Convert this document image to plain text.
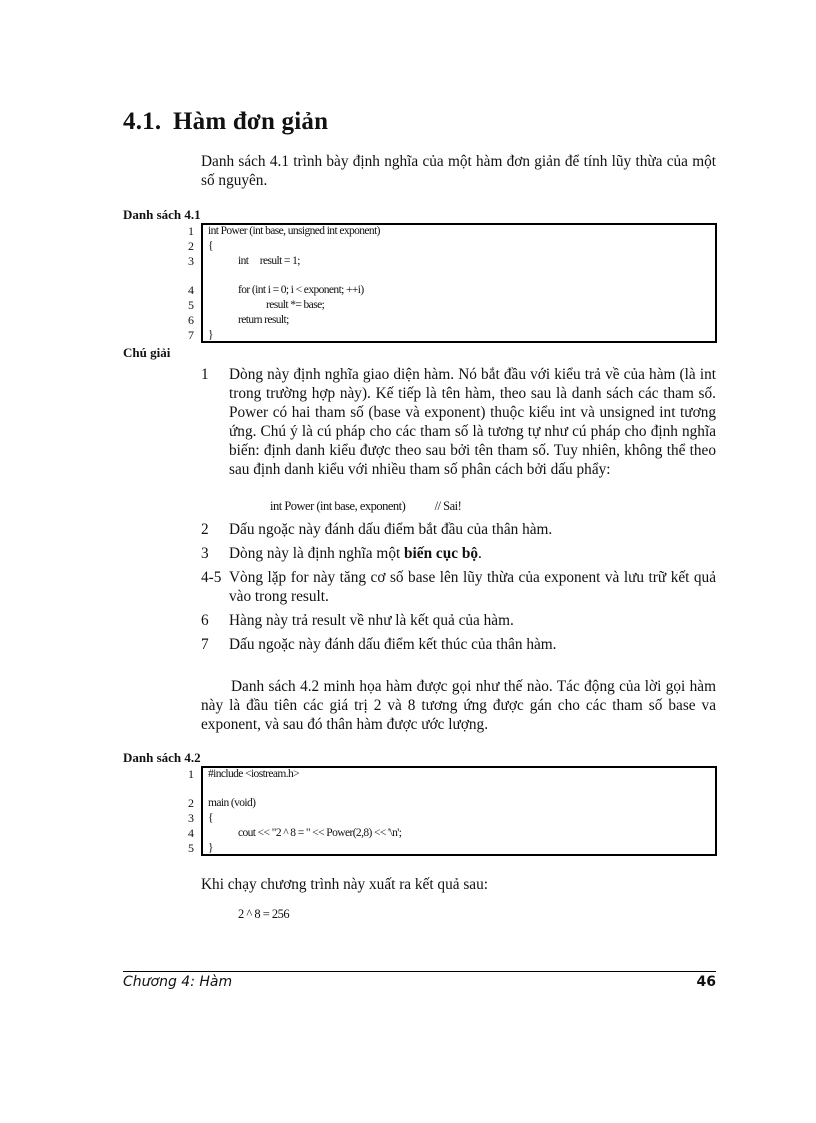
4.1. Hàm đơn giản
Danh sách 4.1 trình bày định nghĩa của một hàm đơn giản để tính lũy thừa của một số nguyên.
Danh sách 4.1
1
2
3
4
5
6
7
int Power (int base, unsigned int exponent)
{
int     result = 1;
for (int i = 0; i < exponent; ++i)
result *= base;
return result;
}
Chú giải
1	Dòng này định nghĩa giao diện hàm. Nó bắt đầu với kiểu trả về của hàm (là int trong trường hợp này). Kế tiếp là tên hàm, theo sau là danh sách các tham số. Power có hai tham số (base và exponent) thuộc kiểu int và unsigned int tương ứng. Chú ý là cú pháp cho các tham số là tương tự như cú pháp cho định nghĩa biến: định danh kiểu được theo sau bởi tên tham số. Tuy nhiên, không thể theo sau định danh kiểu với nhiều tham số phân cách bởi dấu phẩy:
int Power (int base, exponent) // Sai!
2	Dấu ngoặc này đánh dấu điểm bắt đầu của thân hàm.
3	Dòng này là định nghĩa một biến cục bộ.
4-5 Vòng lặp for này tăng cơ số base lên lũy thừa của exponent và lưu trữ kết quả vào trong result.
6	Hàng này trả result về như là kết quả của hàm.
7	Dấu ngoặc này đánh dấu điểm kết thúc của thân hàm.
Danh sách 4.2 minh họa hàm được gọi như thế nào. Tác động của lời gọi hàm này là đầu tiên các giá trị 2 và 8 tương ứng được gán cho các tham số base va exponent, và sau đó thân hàm được ước lượng.
Danh sách 4.2
1
2
3
4
5
#include <iostream.h>
main (void)
{
cout << "2 ^ 8 = " << Power(2,8) << '\n';
}
Khi chạy chương trình này xuất ra kết quả sau:
2 ^ 8 = 256
Chương 4: Hàm	46
